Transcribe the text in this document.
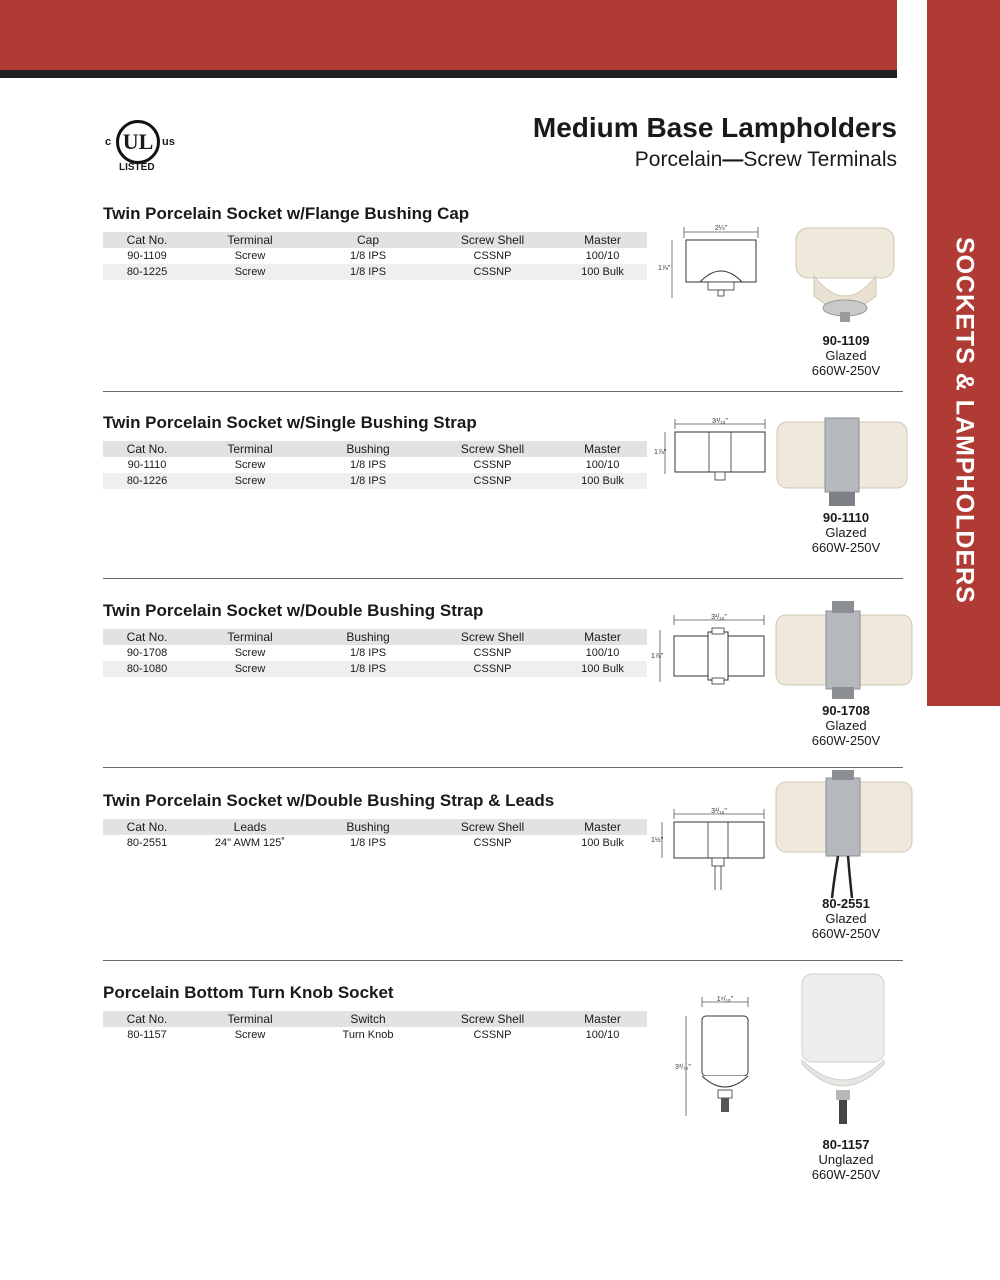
SOCKETS & LAMPHOLDERS
c UL us
LISTED
Medium Base Lampholders
Porcelain—Screw Terminals
Twin Porcelain Socket w/Flange Bushing Cap
Cat No.	Terminal	Cap	Screw Shell	Master
90-1109	Screw	1/8 IPS	CSSNP	100/10
80-1225	Screw	1/8 IPS	CSSNP	100 Bulk
2¼"
1⅞"
90-1109
Glazed
660W-250V
Twin Porcelain Socket w/Single Bushing Strap
Cat No.	Terminal	Bushing	Screw Shell	Master
90-1110	Screw	1/8 IPS	CSSNP	100/10
80-1226	Screw	1/8 IPS	CSSNP	100 Bulk
3¹/₁₆"
1⅞"
90-1110
Glazed
660W-250V
Twin Porcelain Socket w/Double Bushing Strap
Cat No.	Terminal	Bushing	Screw Shell	Master
90-1708	Screw	1/8 IPS	CSSNP	100/10
80-1080	Screw	1/8 IPS	CSSNP	100 Bulk
3¹/₁₆"
1⅞"
90-1708
Glazed
660W-250V
Twin Porcelain Socket w/Double Bushing Strap & Leads
Cat No.	Leads	Bushing	Screw Shell	Master
80-2551	24" AWM 125˚	1/8 IPS	CSSNP	100 Bulk
3¹/₁₆"
1½"
80-2551
Glazed
660W-250V
Porcelain Bottom Turn Knob Socket
Cat No.	Terminal	Switch	Screw Shell	Master
80-1157	Screw	Turn Knob	CSSNP	100/10
1⁹/₁₆"
3³/₁₆"
80-1157
Unglazed
660W-250V
